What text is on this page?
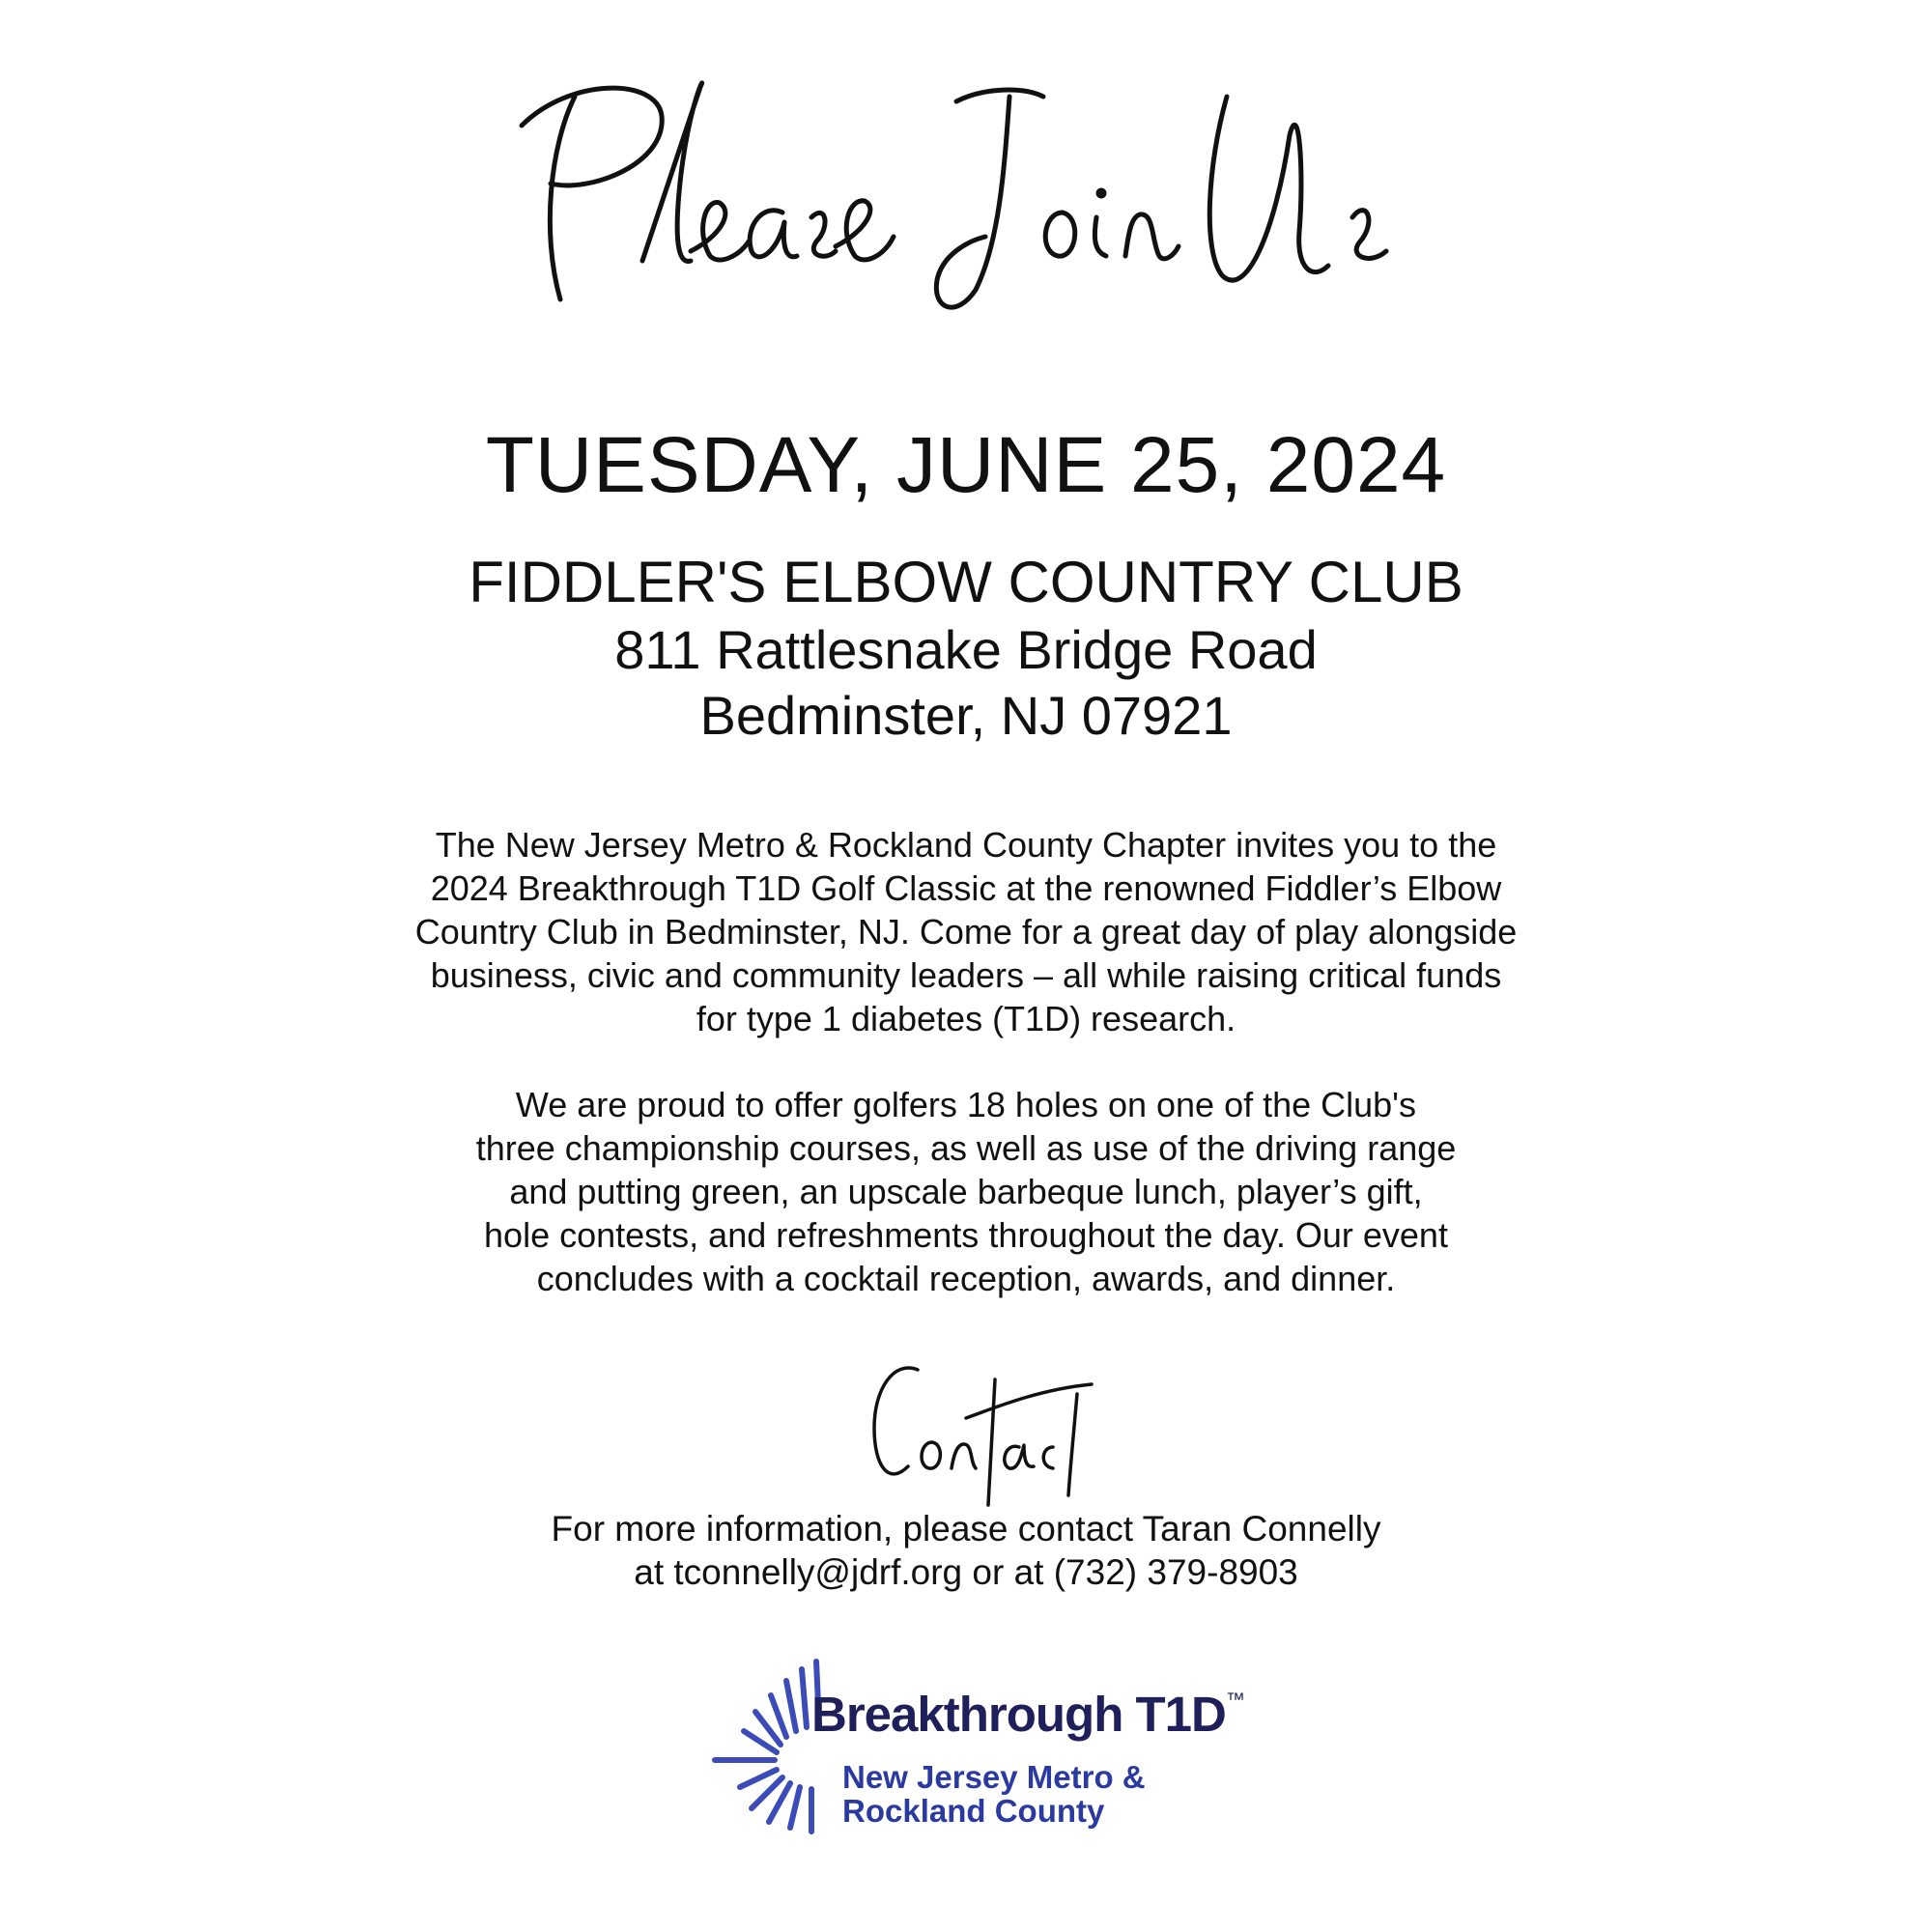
TUESDAY, JUNE 25, 2024
FIDDLER'S ELBOW COUNTRY CLUB
811 Rattlesnake Bridge Road
Bedminster, NJ 07921

The New Jersey Metro & Rockland County Chapter invites you to the

2024 Breakthrough T1D Golf Classic at the renowned Fiddler’s Elbow

Country Club in Bedminster, NJ. Come for a great day of play alongside

business, civic and community leaders – all while raising critical funds

for type 1 diabetes (T1D) research.

We are proud to offer golfers 18 holes on one of the Club's

three championship courses, as well as use of the driving range

and putting green, an upscale barbeque lunch, player’s gift,

hole contests, and refreshments throughout the day. Our event

concludes with a cocktail reception, awards, and dinner.

For more information, please contact Taran Connelly

at tconnelly@jdrf.org or at (732) 379-8903

Breakthrough T1D™

New Jersey Metro &

Rockland County
